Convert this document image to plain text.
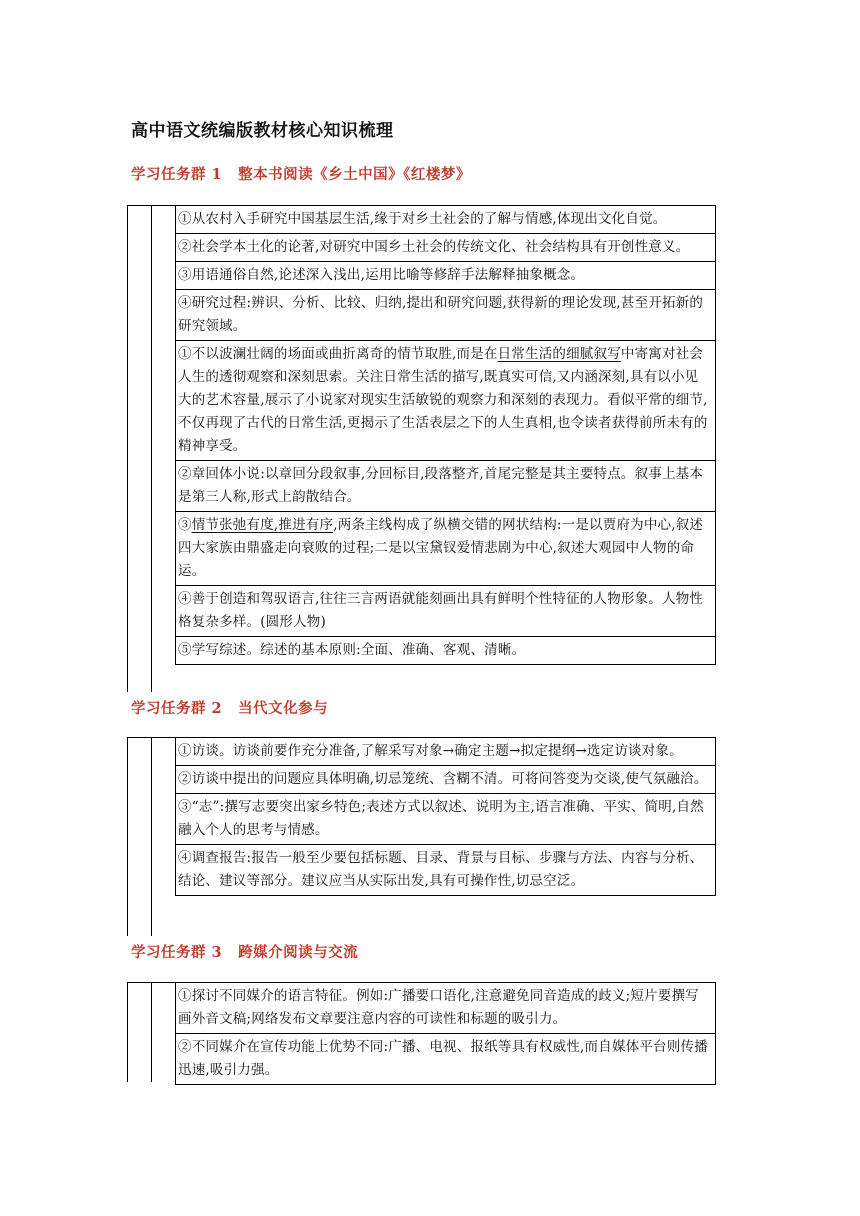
高中语文统编版教材核心知识梳理
学习任务群 1 整本书阅读《乡土中国》《红楼梦》
①从农村入手研究中国基层生活,缘于对乡土社会的了解与情感,体现出文化自觉。
②社会学本土化的论著,对研究中国乡土社会的传统文化、社会结构具有开创性意义。
③用语通俗自然,论述深入浅出,运用比喻等修辞手法解释抽象概念。
④研究过程:辨识、分析、比较、归纳,提出和研究问题,获得新的理论发现,甚至开拓新的研究领域。
①不以波澜壮阔的场面或曲折离奇的情节取胜,而是在日常生活的细腻叙写中寄寓对社会人生的透彻观察和深刻思索。关注日常生活的描写,既真实可信,又内涵深刻,具有以小见大的艺术容量,展示了小说家对现实生活敏锐的观察力和深刻的表现力。看似平常的细节,不仅再现了古代的日常生活,更揭示了生活表层之下的人生真相,也令读者获得前所未有的精神享受。
②章回体小说:以章回分段叙事,分回标目,段落整齐,首尾完整是其主要特点。叙事上基本是第三人称,形式上韵散结合。
③情节张弛有度,推进有序,两条主线构成了纵横交错的网状结构:一是以贾府为中心,叙述四大家族由鼎盛走向衰败的过程;二是以宝黛钗爱情悲剧为中心,叙述大观园中人物的命运。
④善于创造和驾驭语言,往往三言两语就能刻画出具有鲜明个性特征的人物形象。人物性格复杂多样。(圆形人物)
⑤学写综述。综述的基本原则:全面、准确、客观、清晰。
学习任务群 2 当代文化参与
①访谈。访谈前要作充分准备,了解采写对象→确定主题→拟定提纲→选定访谈对象。
②访谈中提出的问题应具体明确,切忌笼统、含糊不清。可将问答变为交谈,使气氛融洽。
③“志”:撰写志要突出家乡特色;表述方式以叙述、说明为主,语言准确、平实、简明,自然融入个人的思考与情感。
④调查报告:报告一般至少要包括标题、目录、背景与目标、步骤与方法、内容与分析、结论、建议等部分。建议应当从实际出发,具有可操作性,切忌空泛。
学习任务群 3 跨媒介阅读与交流
①探讨不同媒介的语言特征。例如:广播要口语化,注意避免同音造成的歧义;短片要撰写画外音文稿;网络发布文章要注意内容的可读性和标题的吸引力。
②不同媒介在宣传功能上优势不同:广播、电视、报纸等具有权威性,而自媒体平台则传播迅速,吸引力强。
